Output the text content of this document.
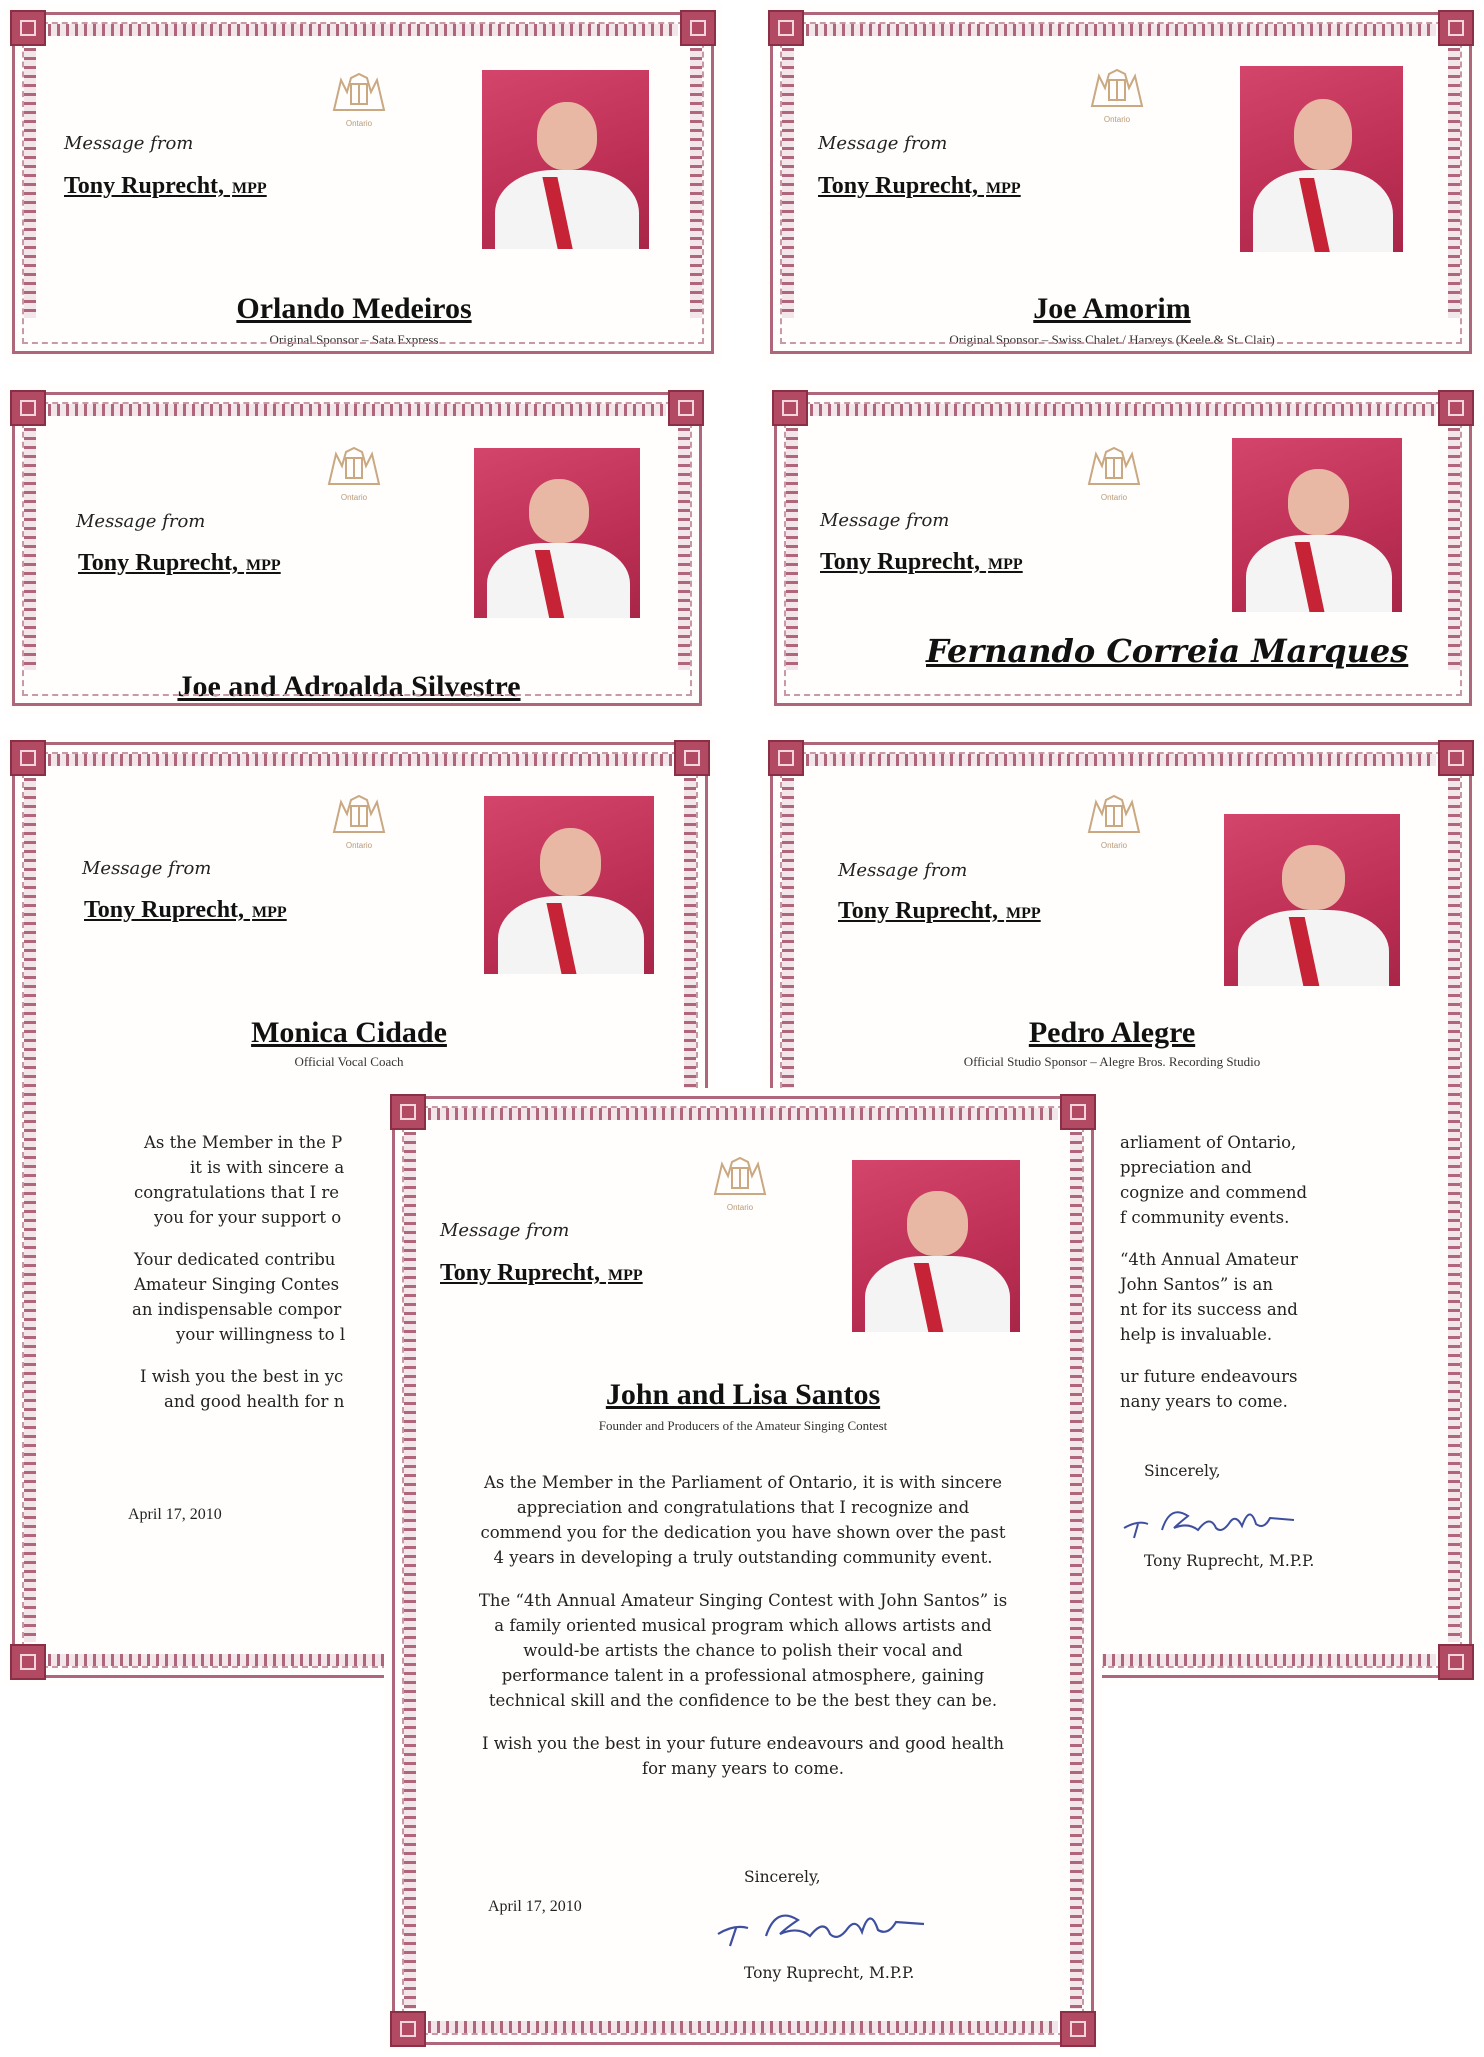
Ontario
Message from
Tony Ruprecht, MPP
Orlando Medeiros
Original Sponsor – Sata Express
Ontario
Message from
Tony Ruprecht, MPP
Joe Amorim
Original Sponsor – Swiss Chalet / Harveys (Keele & St. Clair)
Ontario
Message from
Tony Ruprecht, MPP
Joe and Adroalda Silvestre
Ontario
Message from
Tony Ruprecht, MPP
Fernando Correia Marques
Ontario
Message from
Tony Ruprecht, MPP
Monica Cidade
Official Vocal Coach
As the Member in the P
it is with sincere a
congratulations that I re
you for your support o
Your dedicated contribu
Amateur Singing Contes
an indispensable compor
your willingness to l
I wish you the best in yc
and good health for n
April 17, 2010
Ontario
Message from
Tony Ruprecht, MPP
Pedro Alegre
Official Studio Sponsor – Alegre Bros. Recording Studio
arliament of Ontario,
ppreciation and
cognize and commend
f community events.
“4th Annual Amateur
John Santos” is an
nt for its success and
help is invaluable.
ur future endeavours
nany years to come.
Sincerely,
Tony Ruprecht, M.P.P.
Ontario
Message from
Tony Ruprecht, MPP
John and Lisa Santos
Founder and Producers of the Amateur Singing Contest

As the Member in the Parliament of Ontario, it is with sincere appreciation and congratulations that I recognize and commend you for the dedication you have shown over the past 4 years in developing a truly outstanding community event.

The “4th Annual Amateur Singing Contest with John Santos” is a family oriented musical program which allows artists and would-be artists the chance to polish their vocal and performance talent in a professional atmosphere, gaining technical skill and the confidence to be the best they can be.

I wish you the best in your future endeavours and good health for many years to come.

Sincerely,
April 17, 2010
Tony Ruprecht, M.P.P.
